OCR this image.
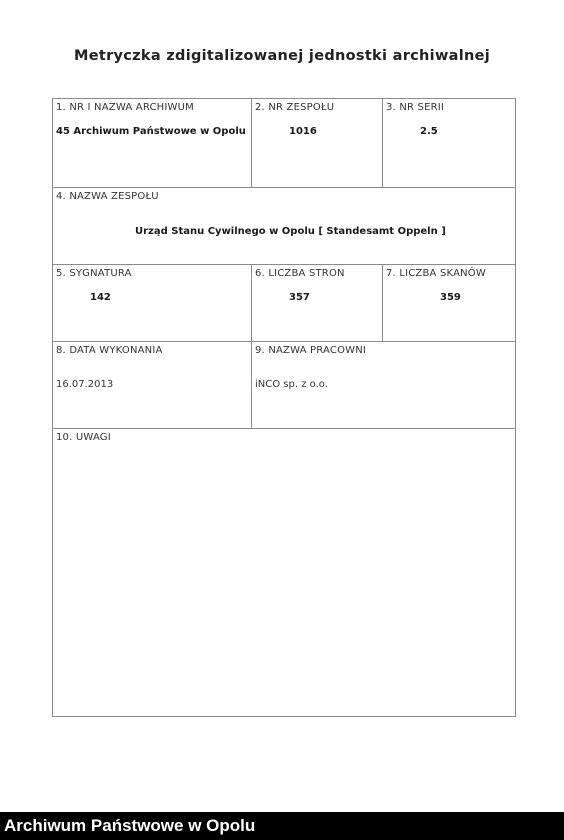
Metryczka zdigitalizowanej jednostki archiwalnej
1. NR I NAZWA ARCHIWUM
45 Archiwum Państwowe w Opolu
2. NR ZESPOŁU
1016
3. NR SERII
2.5
4. NAZWA ZESPOŁU
Urząd Stanu Cywilnego w Opolu [ Standesamt Oppeln ]
5. SYGNATURA
142
6. LICZBA STRON
357
7. LICZBA SKANÓW
359
8. DATA WYKONANIA
16.07.2013
9. NAZWA PRACOWNI
iNCO sp. z o.o.
10. UWAGI
Archiwum Państwowe w Opolu
